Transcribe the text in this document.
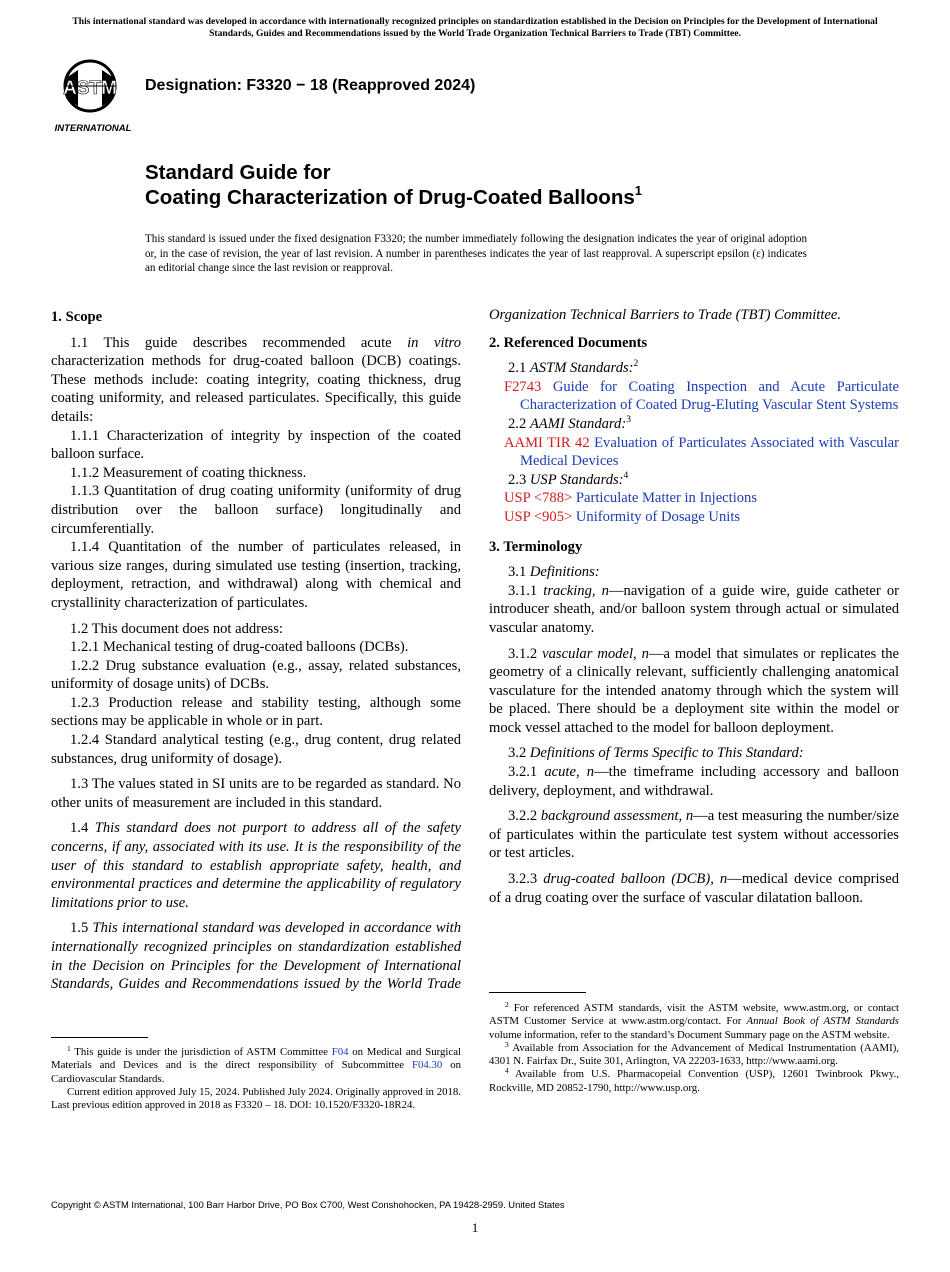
This international standard was developed in accordance with internationally recognized principles on standardization established in the Decision on Principles for the Development of International Standards, Guides and Recommendations issued by the World Trade Organization Technical Barriers to Trade (TBT) Committee.
ASTM
INTERNATIONAL
Designation: F3320 − 18 (Reapproved 2024)
Standard Guide for
Coating Characterization of Drug-Coated Balloons$^1$
This standard is issued under the fixed designation F3320; the number immediately following the designation indicates the year of original adoption or, in the case of revision, the year of last revision. A number in parentheses indicates the year of last reapproval. A superscript epsilon (ε) indicates an editorial change since the last revision or reapproval.

1. Scope

1.1 This guide describes recommended acute in vitro characterization methods for drug-coated balloon (DCB) coatings. These methods include: coating integrity, coating thickness, drug coating uniformity, and released particulates. Specifically, this guide details:

1.1.1 Characterization of integrity by inspection of the coated balloon surface.

1.1.2 Measurement of coating thickness.

1.1.3 Quantitation of drug coating uniformity (uniformity of drug distribution over the balloon surface) longitudinally and circumferentially.

1.1.4 Quantitation of the number of particulates released, in various size ranges, during simulated use testing (insertion, tracking, deployment, retraction, and withdrawal) along with chemical and crystallinity characterization of particulates.

1.2 This document does not address:

1.2.1 Mechanical testing of drug-coated balloons (DCBs).

1.2.2 Drug substance evaluation (e.g., assay, related substances, uniformity of dosage units) of DCBs.

1.2.3 Production release and stability testing, although some sections may be applicable in whole or in part.

1.2.4 Standard analytical testing (e.g., drug content, drug related substances, drug uniformity of dosage).

1.3 The values stated in SI units are to be regarded as standard. No other units of measurement are included in this standard.

1.4 This standard does not purport to address all of the safety concerns, if any, associated with its use. It is the responsibility of the user of this standard to establish appropriate safety, health, and environmental practices and determine the applicability of regulatory limitations prior to use.

1.5 This international standard was developed in accordance with internationally recognized principles on standardization established in the Decision on Principles for the Development of International Standards, Guides and Recommendations issued by the World Trade

Organization Technical Barriers to Trade (TBT) Committee.

2. Referenced Documents

2.1 ASTM Standards:$^2$

F2743 Guide for Coating Inspection and Acute Particulate Characterization of Coated Drug-Eluting Vascular Stent Systems

2.2 AAMI Standard:$^3$

AAMI TIR 42 Evaluation of Particulates Associated with Vascular Medical Devices

2.3 USP Standards:$^4$

USP <788> Particulate Matter in Injections

USP <905> Uniformity of Dosage Units

3. Terminology

3.1 Definitions:

3.1.1 tracking, n—navigation of a guide wire, guide catheter or introducer sheath, and/or balloon system through actual or simulated vascular anatomy.

3.1.2 vascular model, n—a model that simulates or replicates the geometry of a clinically relevant, sufficiently challenging anatomical vasculature for the intended anatomy through which the system will be placed. There should be a deployment site within the model or mock vessel attached to the model for balloon deployment.

3.2 Definitions of Terms Specific to This Standard:

3.2.1 acute, n—the timeframe including accessory and balloon delivery, deployment, and withdrawal.

3.2.2 background assessment, n—a test measuring the number/size of particulates within the particulate test system without accessories or test articles.

3.2.3 drug-coated balloon (DCB), n—medical device comprised of a drug coating over the surface of vascular dilatation balloon.

$^1$ This guide is under the jurisdiction of ASTM Committee F04 on Medical and Surgical Materials and Devices and is the direct responsibility of Subcommittee F04.30 on Cardiovascular Standards.

Current edition approved July 15, 2024. Published July 2024. Originally approved in 2018. Last previous edition approved in 2018 as F3320 – 18. DOI: 10.1520/F3320-18R24.

$^2$ For referenced ASTM standards, visit the ASTM website, www.astm.org, or contact ASTM Customer Service at www.astm.org/contact. For Annual Book of ASTM Standards volume information, refer to the standard’s Document Summary page on the ASTM website.

$^3$ Available from Association for the Advancement of Medical Instrumentation (AAMI), 4301 N. Fairfax Dr., Suite 301, Arlington, VA 22203-1633, http://www.aami.org.

$^4$ Available from U.S. Pharmacopeial Convention (USP), 12601 Twinbrook Pkwy., Rockville, MD 20852-1790, http://www.usp.org.

Copyright © ASTM International, 100 Barr Harbor Drive, PO Box C700, West Conshohocken, PA 19428-2959. United States
1
